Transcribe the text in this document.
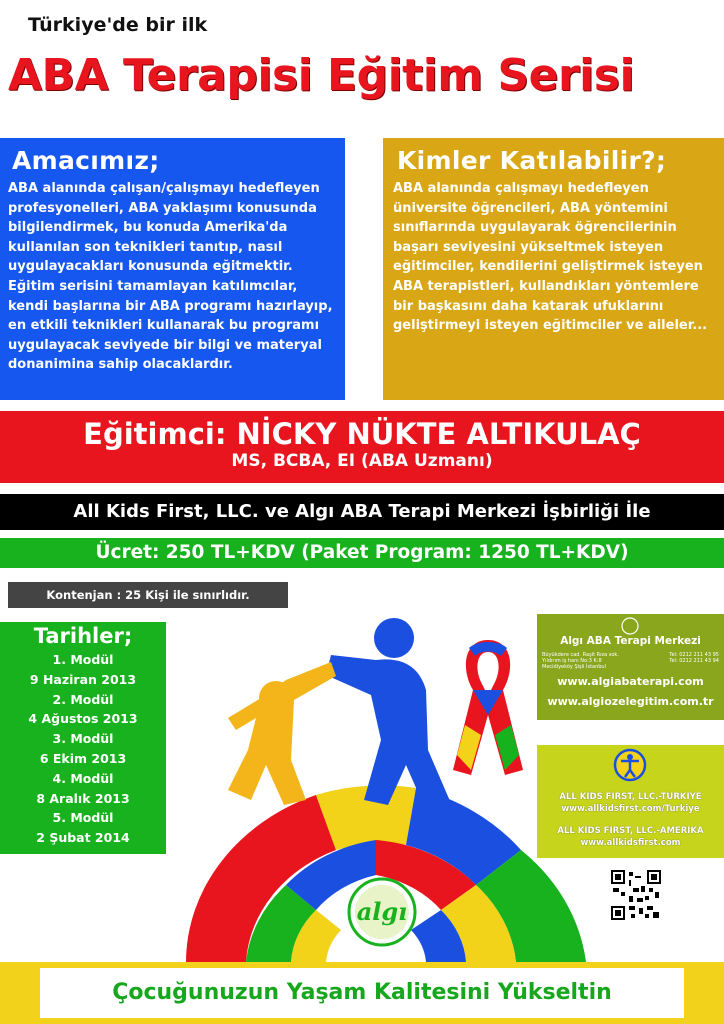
Türkiye'de bir ilk
ABA Terapisi Eğitim Serisi
Amacımız;

ABA alanında çalışan/çalışmayı hedefleyen profesyonelleri, ABA yaklaşımı konusunda bilgilendirmek, bu konuda Amerika'da kullanılan son teknikleri tanıtıp, nasıl uygulayacakları konusunda eğitmektir. Eğitim serisini tamamlayan katılımcılar, kendi başlarına bir ABA programı hazırlayıp, en etkili teknikleri kullanarak bu programı uygulayacak seviyede bir bilgi ve materyal donanimina sahip olacaklardır.

Kimler Katılabilir?;

ABA alanında çalışmayı hedefleyen üniversite öğrencileri, ABA yöntemini sınıflarında uygulayarak öğrencilerinin başarı seviyesini yükseltmek isteyen eğitimciler, kendilerini geliştirmek isteyen ABA terapistleri, kullandıkları yöntemlere bir başkasını daha katarak ufuklarını geliştirmeyi isteyen eğitimciler ve aileler...

Eğitimci: NİCKY NÜKTE ALTIKULAÇ
MS, BCBA, EI (ABA Uzmanı)
All Kids First, LLC. ve Algı ABA Terapi Merkezi İşbirliği İle
Ücret: 250 TL+KDV (Paket Program: 1250 TL+KDV)
Kontenjan : 25 Kişi ile sınırlıdır.
Tarihler;
1. Modül
9 Haziran 2013
2. Modül
4 Ağustos 2013
3. Modül
6 Ekim 2013
4. Modül
8 Aralık 2013
5. Modül
2 Şubat 2014
algı
Algı ABA Terapi Merkezi
Büyükdere cad. Raşit Rıza sok.
Yıldırım iş hanı No:3 K:8
Mecidiyeköy Şişli İstanbul
Tel: 0212 211 43 95
Tel: 0212 211 43 94
www.algiabaterapi.com
www.algiozelegitim.com.tr
ALL KIDS FIRST, LLC.-TURKIYE
www.allkidsfirst.com/Turkiye
ALL KIDS FIRST, LLC.-AMERIKA
www.allkidsfirst.com
Çocuğunuzun Yaşam Kalitesini Yükseltin
